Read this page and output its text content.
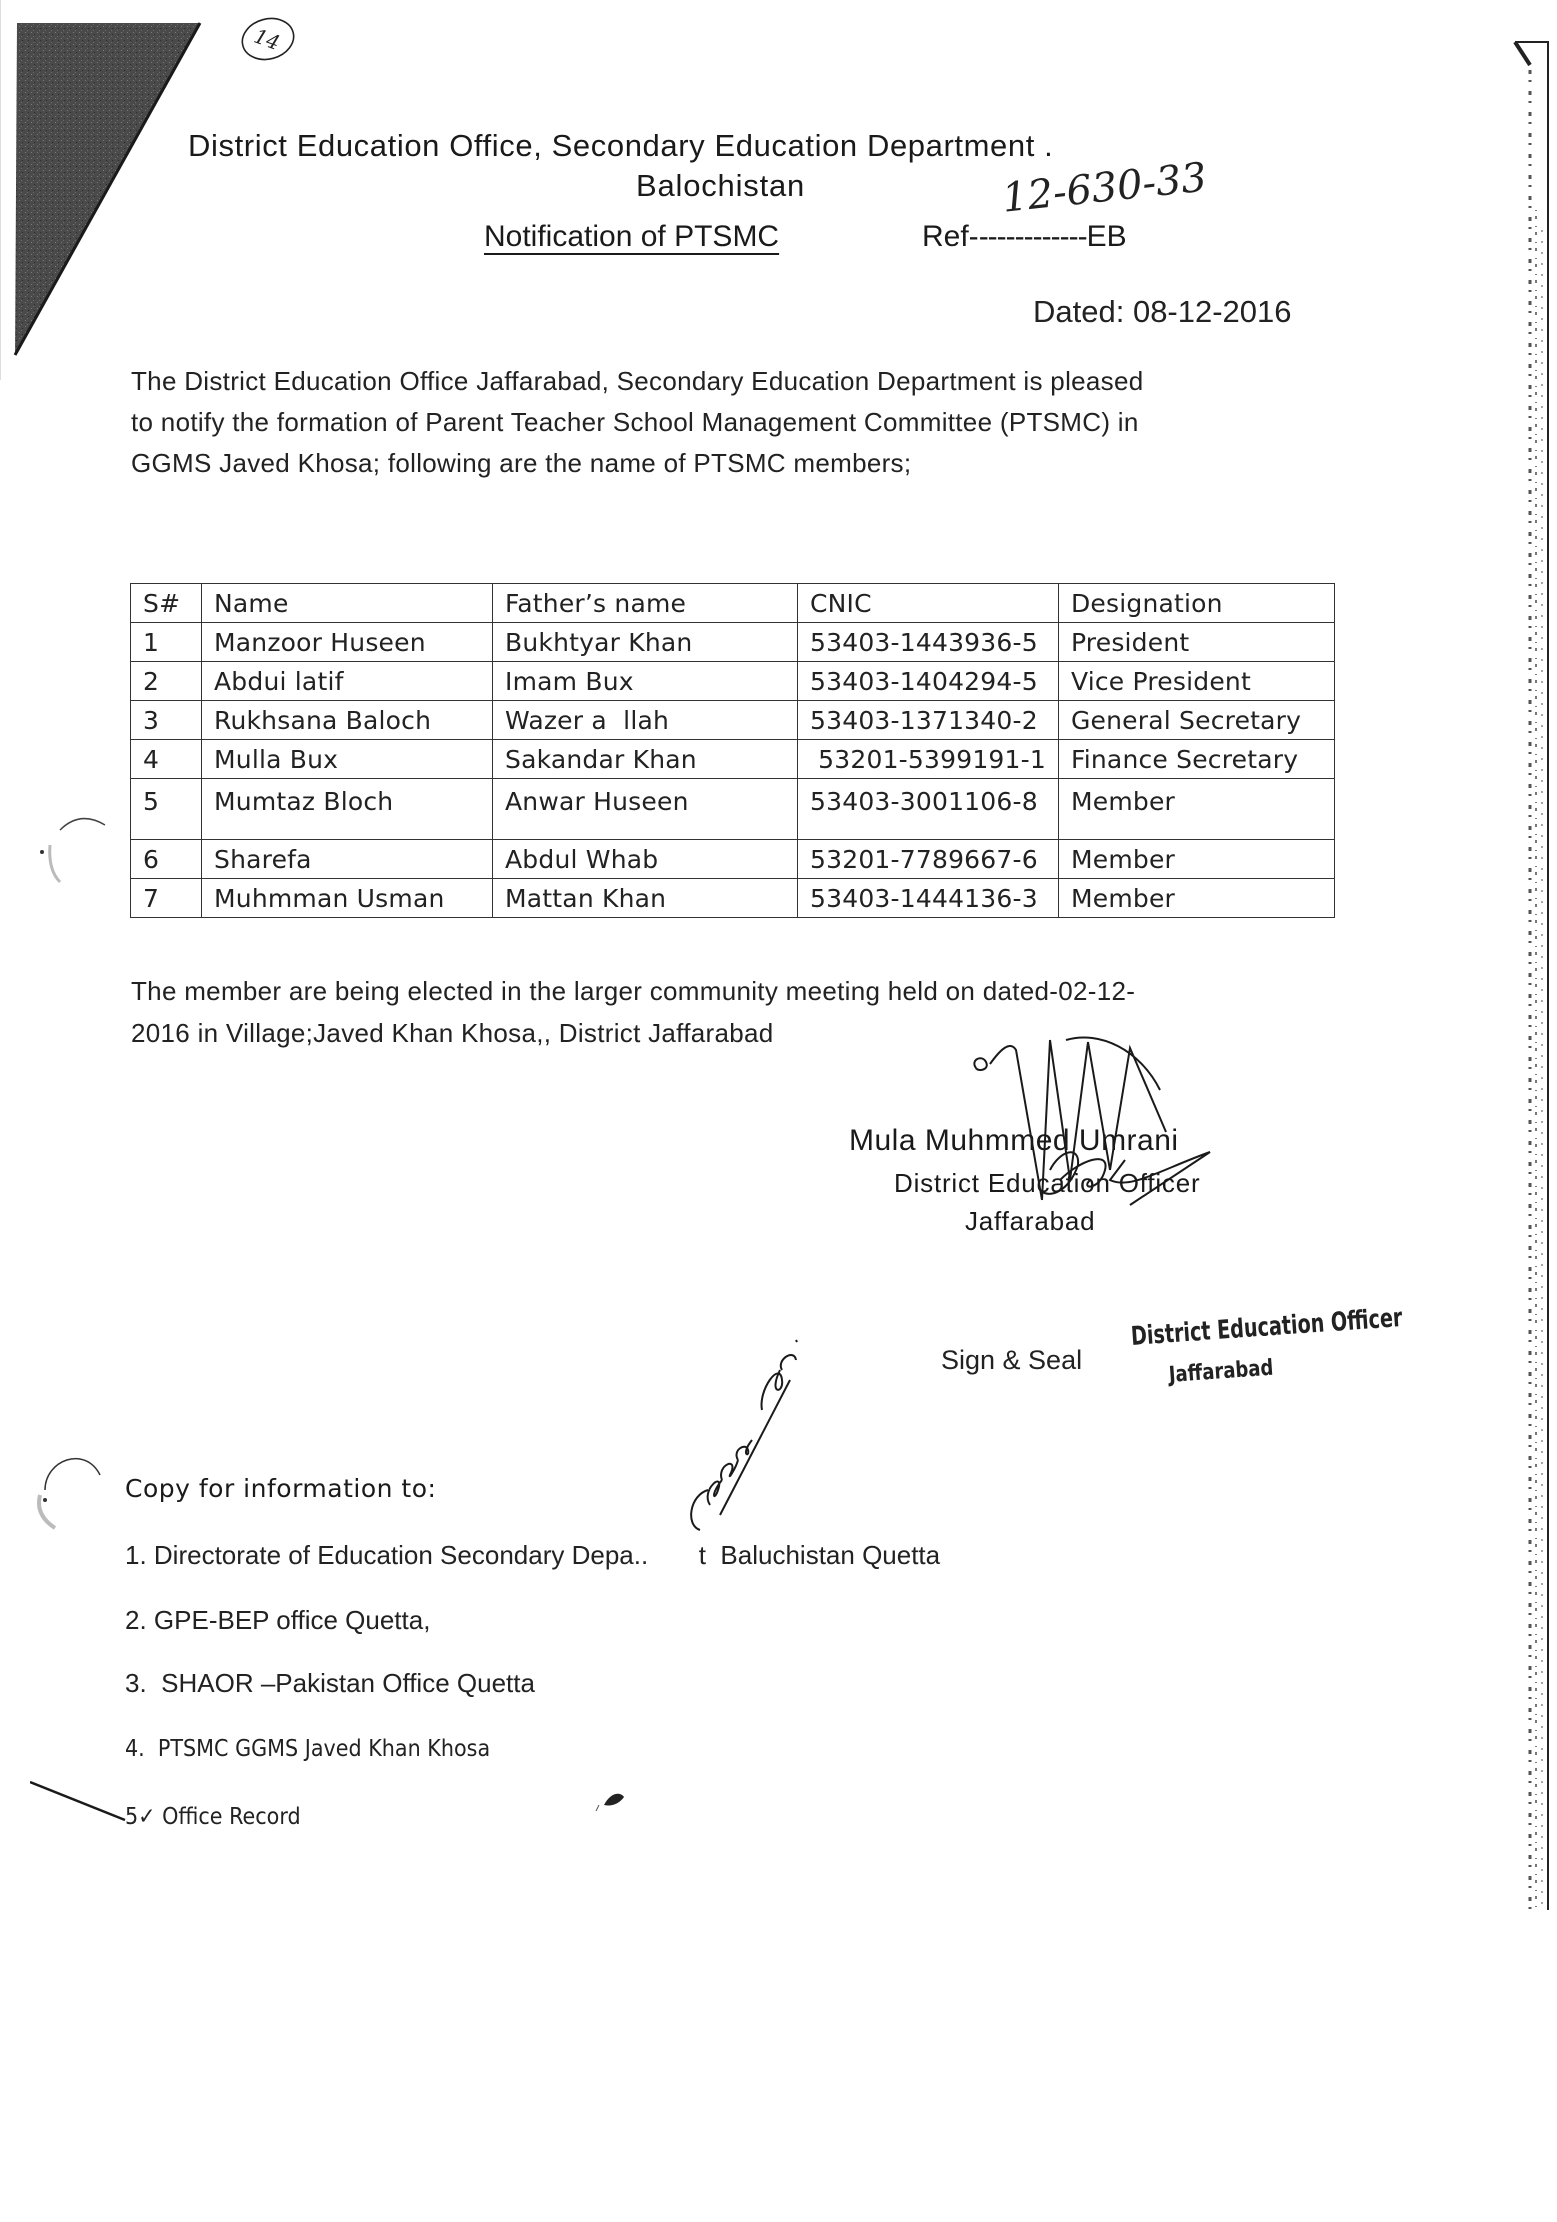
14
District Education Office, Secondary Education Department .
Balochistan
Notification of PTSMC	Ref-------------EB
12-630-33
Dated: 08-12-2016
The District Education Office Jaffarabad, Secondary Education Department is pleased
to notify the formation of Parent Teacher School Management Committee (PTSMC) in
GGMS Javed Khosa; following are the name of PTSMC members;
S#	Name	Father’s name	CNIC	Designation
1	Manzoor Huseen	Bukhtyar Khan	53403-1443936-5	President
2	Abdui latif	Imam Bux	53403-1404294-5	Vice President
3	Rukhsana Baloch	Wazer a  llah	53403-1371340-2	General Secretary
4	Mulla Bux	Sakandar Khan	53201-5399191-1	Finance Secretary
5	Mumtaz Bloch	Anwar Huseen	53403-3001106-8	Member
6	Sharefa	Abdul Whab	53201-7789667-6	Member
7	Muhmman Usman	Mattan Khan	53403-1444136-3	Member
The member are being elected in the larger community meeting held on dated-02-12-
2016 in Village;Javed Khan Khosa,, District Jaffarabad
Mula Muhmmed Umrani
District Education Officer
Jaffarabad
Sign & Seal
District Education Officer
Jaffarabad
Copy for information to:
1. Directorate of Education Secondary Depa..       t  Baluchistan Quetta
2. GPE-BEP office Quetta,
3.  SHAOR –Pakistan Office Quetta
4.  PTSMC GGMS Javed Khan Khosa
5✓ Office Record
